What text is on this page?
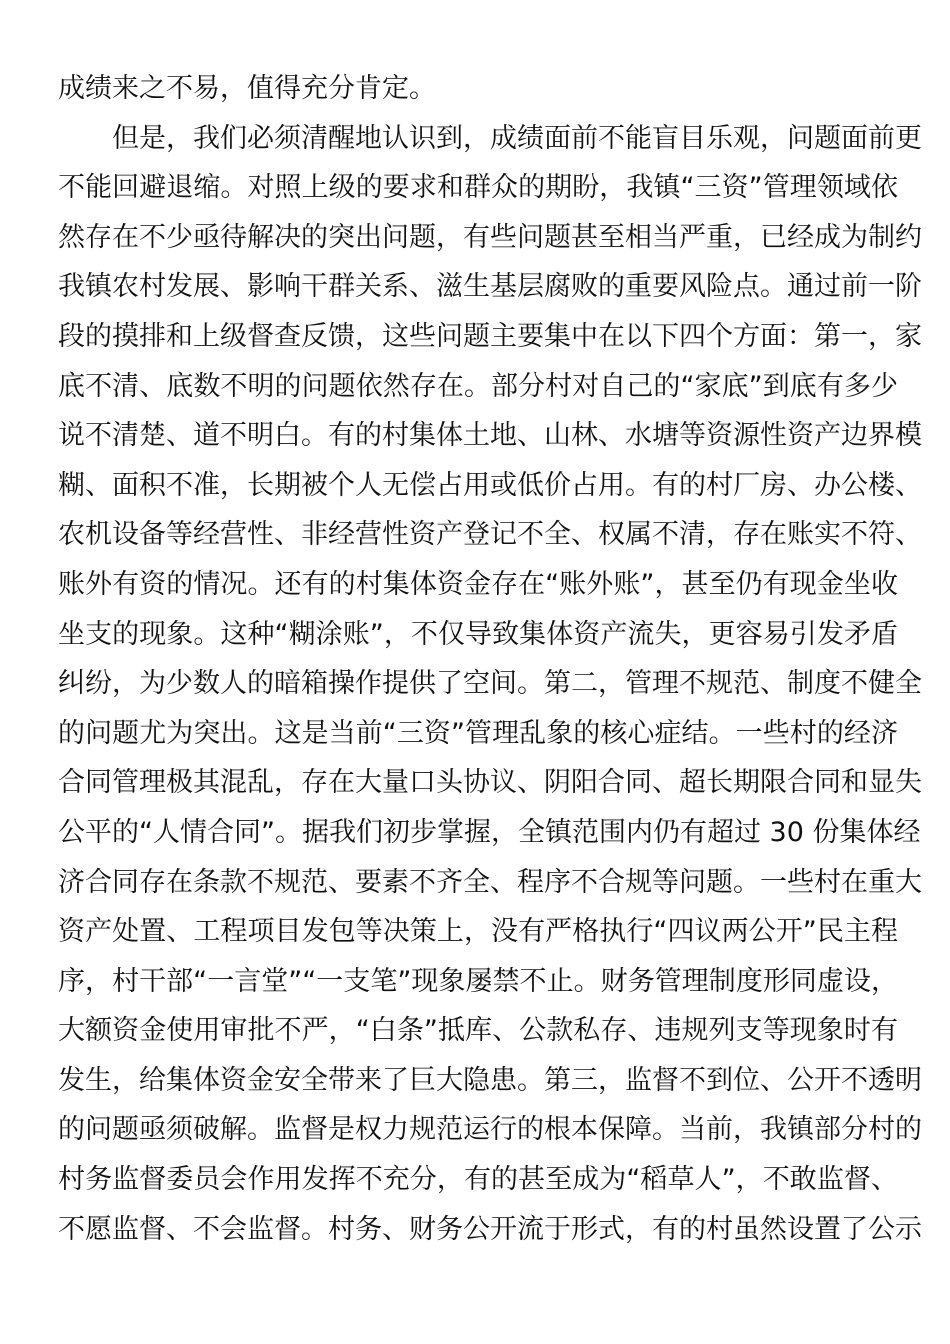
成绩来之不易，值得充分肯定。
但是，我们必须清醒地认识到，成绩面前不能盲目乐观，问题面前更
不能回避退缩。对照上级的要求和群众的期盼，我镇“三资”管理领域依
然存在不少亟待解决的突出问题，有些问题甚至相当严重，已经成为制约
我镇农村发展、影响干群关系、滋生基层腐败的重要风险点。通过前一阶
段的摸排和上级督查反馈，这些问题主要集中在以下四个方面：第一，家
底不清、底数不明的问题依然存在。部分村对自己的“家底”到底有多少
说不清楚、道不明白。有的村集体土地、山林、水塘等资源性资产边界模
糊、面积不准，长期被个人无偿占用或低价占用。有的村厂房、办公楼、
农机设备等经营性、非经营性资产登记不全、权属不清，存在账实不符、
账外有资的情况。还有的村集体资金存在“账外账”，甚至仍有现金坐收
坐支的现象。这种“糊涂账”，不仅导致集体资产流失，更容易引发矛盾
纠纷，为少数人的暗箱操作提供了空间。第二，管理不规范、制度不健全
的问题尤为突出。这是当前“三资”管理乱象的核心症结。一些村的经济
合同管理极其混乱，存在大量口头协议、阴阳合同、超长期限合同和显失
公平的“人情合同”。据我们初步掌握，全镇范围内仍有超过 30 份集体经
济合同存在条款不规范、要素不齐全、程序不合规等问题。一些村在重大
资产处置、工程项目发包等决策上，没有严格执行“四议两公开”民主程
序，村干部“一言堂”“一支笔”现象屡禁不止。财务管理制度形同虚设，
大额资金使用审批不严，“白条”抵库、公款私存、违规列支等现象时有
发生，给集体资金安全带来了巨大隐患。第三，监督不到位、公开不透明
的问题亟须破解。监督是权力规范运行的根本保障。当前，我镇部分村的
村务监督委员会作用发挥不充分，有的甚至成为“稻草人”，不敢监督、
不愿监督、不会监督。村务、财务公开流于形式，有的村虽然设置了公示
